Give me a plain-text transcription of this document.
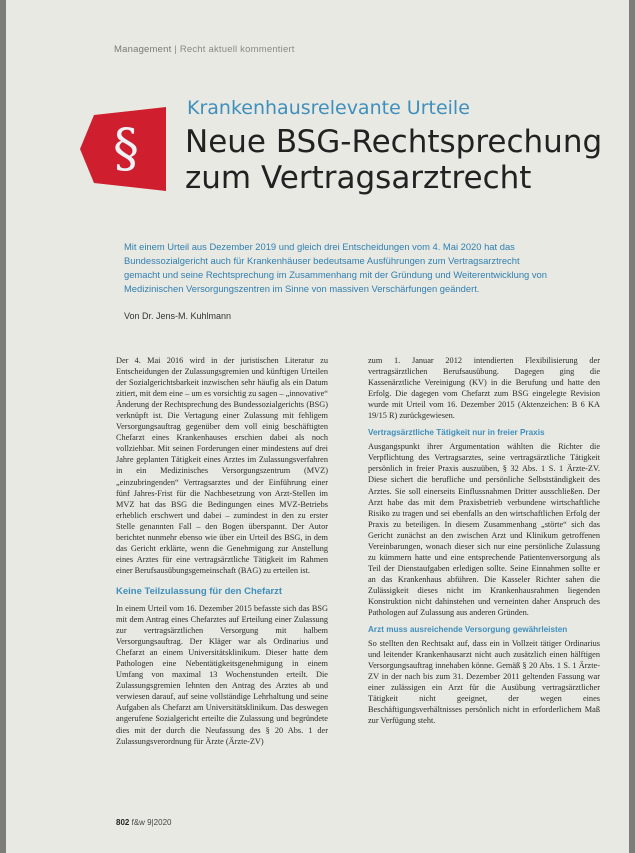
Management | Recht aktuell kommentiert
§
Krankenhausrelevante Urteile
Neue BSG-Rechtsprechung zum Vertragsarztrecht
Mit einem Urteil aus Dezember 2019 und gleich drei Entscheidungen vom 4. Mai 2020 hat das Bundessozialgericht auch für Krankenhäuser bedeutsame Ausführungen zum Vertragsarztrecht gemacht und seine Rechtsprechung im Zusammenhang mit der Gründung und Weiterentwicklung von Medizinischen Versorgungszentren im Sinne von massiven Verschärfungen geändert.
Von Dr. Jens-M. Kuhlmann

Der 4. Mai 2016 wird in der juristischen Literatur zu Entscheidungen der Zulassungsgremien und künftigen Urteilen der Sozialgerichtsbarkeit inzwischen sehr häufig als ein Datum zitiert, mit dem eine – um es vorsichtig zu sagen – „innovative“ Änderung der Rechtsprechung des Bundessozialgerichts (BSG) verknüpft ist. Die Vertagung einer Zulassung mit fehligem Versorgungsauftrag gegenüber dem voll einig beschäftigten Chefarzt eines Krankenhauses erschien dabei als noch vollziehbar. Mit seinen Forderungen einer mindestens auf drei Jahre geplanten Tätigkeit eines Arztes im Zulassungsverfahren in ein Medizinisches Versorgungszentrum (MVZ) „einzubringenden“ Vertragsarztes und der Einführung einer fünf Jahres-Frist für die Nachbesetzung von Arzt-Stellen im MVZ hat das BSG die Bedingungen eines MVZ-Betriebs erheblich erschwert und dabei – zumindest in den zu erster Stelle genannten Fall – den Bogen überspannt. Der Autor berichtet nunmehr ebenso wie über ein Urteil des BSG, in dem das Gericht erklärte, wenn die Genehmigung zur Anstellung eines Arztes für eine vertragsärztliche Tätigkeit im Rahmen einer Berufsausübungsgemeinschaft (BAG) zu erteilen ist.

Keine Teilzulassung für den Chefarzt

In einem Urteil vom 16. Dezember 2015 befasste sich das BSG mit dem Antrag eines Chefarztes auf Erteilung einer Zulassung zur vertragsärztlichen Versorgung mit halbem Versorgungsauftrag. Der Kläger war als Ordinarius und Chefarzt an einem Universitätsklinikum. Dieser hatte dem Pathologen eine Nebentätigkeitsgenehmigung in einem Umfang von maximal 13 Wochenstunden erteilt. Die Zulassungsgremien lehnten den Antrag des Arztes ab und verwiesen darauf, auf seine vollständige Lehrhaltung und seine Aufgaben als Chefarzt am Universitätsklinikum. Das deswegen angerufene Sozialgericht erteilte die Zulassung und begründete dies mit der durch die Neufassung des § 20 Abs. 1 der Zulassungsverordnung für Ärzte (Ärzte-ZV)

zum 1. Januar 2012 intendierten Flexibilisierung der vertragsärztlichen Berufsausübung. Dagegen ging die Kassenärztliche Vereinigung (KV) in die Berufung und hatte den Erfolg. Die dagegen vom Chefarzt zum BSG eingelegte Revision wurde mit Urteil vom 16. Dezember 2015 (Aktenzeichen: B 6 KA 19/15 R) zurückgewiesen.

Vertragsärztliche Tätigkeit nur in freier Praxis

Ausgangspunkt ihrer Argumentation wählten die Richter die Verpflichtung des Vertragsarztes, seine vertragsärztliche Tätigkeit persönlich in freier Praxis auszuüben, § 32 Abs. 1 S. 1 Ärzte-ZV. Diese sichert die berufliche und persönliche Selbstständigkeit des Arztes. Sie soll einerseits Einflussnahmen Dritter ausschließen. Der Arzt habe das mit dem Praxisbetrieb verbundene wirtschaftliche Risiko zu tragen und sei ebenfalls an den wirtschaftlichen Erfolg der Praxis zu beteiligen. In diesem Zusammenhang „störte“ sich das Gericht zunächst an den zwischen Arzt und Klinikum getroffenen Vereinbarungen, wonach dieser sich nur eine persönliche Zulassung zu kümmern hatte und eine entsprechende Patientenversorgung als Teil der Dienstaufgaben erledigen sollte. Seine Einnahmen sollte er an das Krankenhaus abführen. Die Kasseler Richter sahen die Zulässigkeit dieses nicht im Krankenhausrahmen liegenden Konstruktion nicht dahinstehen und verneinten daher Anspruch des Pathologen auf Zulassung aus anderen Gründen.

Arzt muss ausreichende Versorgung gewährleisten

So stellten den Rechtsakt auf, dass ein in Vollzeit tätiger Ordinarius und leitender Krankenhausarzt nicht auch zusätzlich einen hälftigen Versorgungsauftrag innehaben könne. Gemäß § 20 Abs. 1 S. 1 Ärzte-ZV in der nach bis zum 31. Dezember 2011 geltenden Fassung war einer zulässigen ein Arzt für die Ausübung vertragsärztlicher Tätigkeit nicht geeignet, der wegen eines Beschäftigungsverhältnisses persönlich nicht in erforderlichem Maß zur Verfügung steht.

802 f&w 9|2020
